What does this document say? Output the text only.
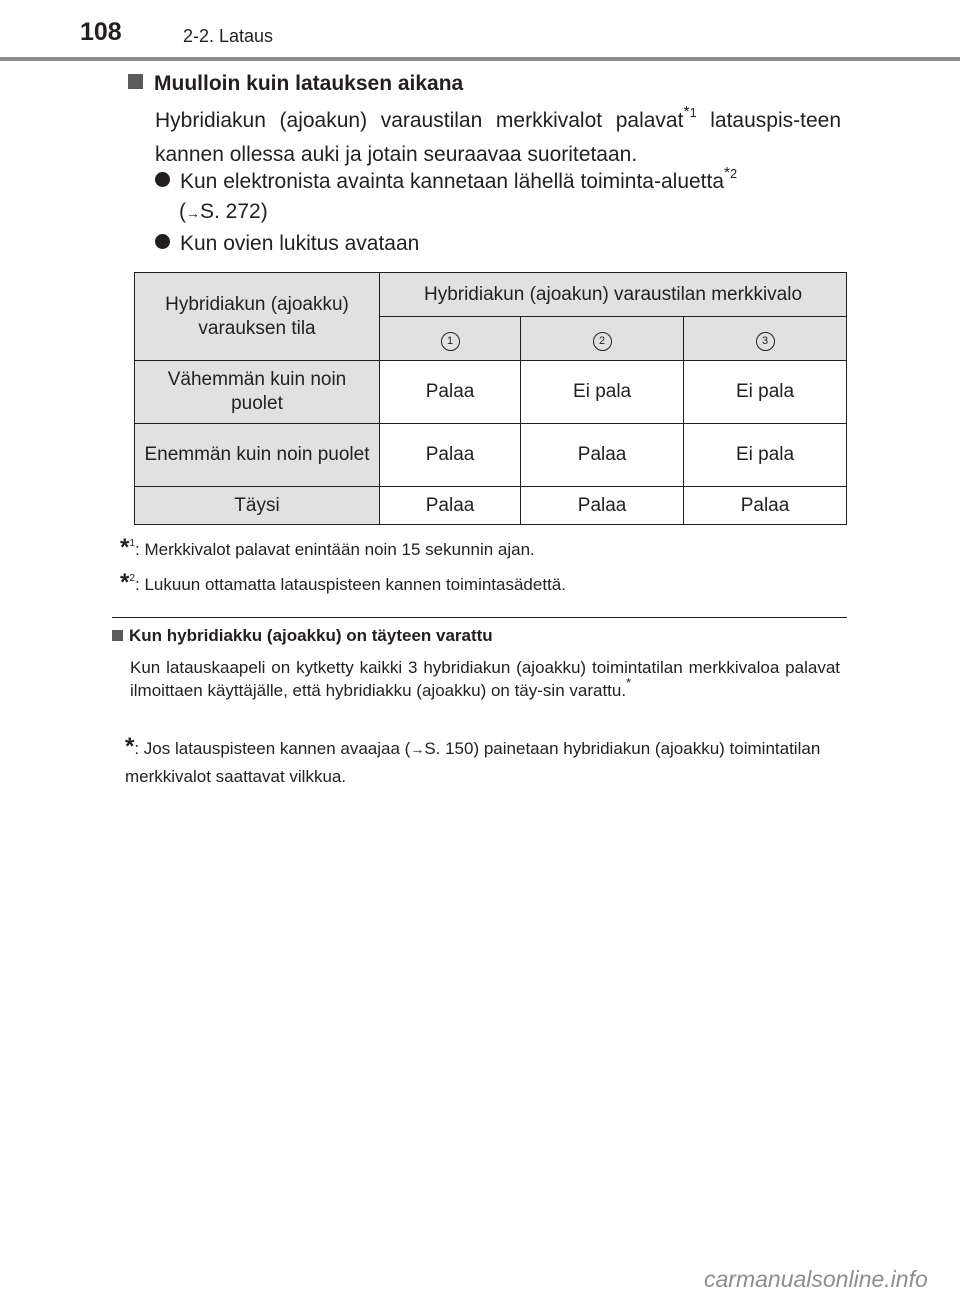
108	2-2. Lataus
Muulloin kuin latauksen aikana
Hybridiakun (ajoakun) varaustilan merkkivalot palavat$^{*1}$ latauspis-teen kannen ollessa auki ja jotain seuraavaa suoritetaan.
Kun elektronista avainta kannetaan lähellä toiminta-aluetta$^{*2}$
(→S. 272)
Kun ovien lukitus avataan
Hybridiakun (ajoakku) varauksen tila	Hybridiakun (ajoakun) varaustilan merkkivalo		
	1	2	3
Vähemmän kuin noin puolet	Palaa	Ei pala	Ei pala
Enemmän kuin noin puolet	Palaa	Palaa	Ei pala
Täysi	Palaa	Palaa	Palaa
*$^1$: Merkkivalot palavat enintään noin 15 sekunnin ajan.
*$^2$: Lukuun ottamatta latauspisteen kannen toimintasädettä.
Kun hybridiakku (ajoakku) on täyteen varattu
Kun latauskaapeli on kytketty kaikki 3 hybridiakun (ajoakku) toimintatilan merkkivaloa palavat ilmoittaen käyttäjälle, että hybridiakku (ajoakku) on täy-sin varattu.*
*: Jos latauspisteen kannen avaajaa (→S. 150) painetaan hybridiakun (ajoakku) toimintatilan merkkivalot saattavat vilkkua.
carmanualsonline.info
